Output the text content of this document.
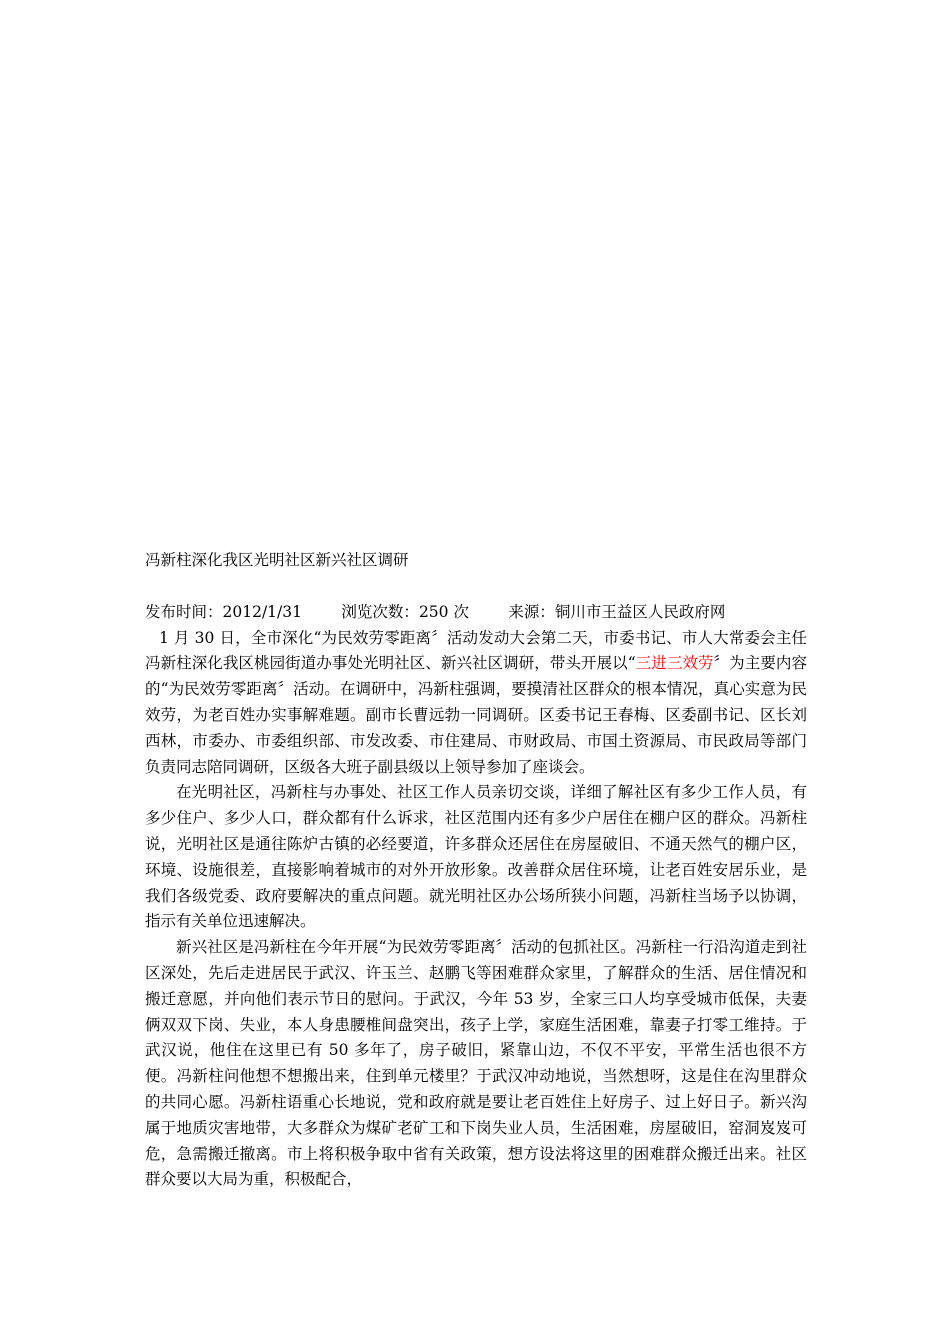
冯新柱深化我区光明社区新兴社区调研

发布时间：2012/1/31	浏览次数：250 次	来源：铜川市王益区人民政府网

1 月 30 日，全市深化“为民效劳零距离〞活动发动大会第二天，市委书记、市人大常委会主任冯新柱深化我区桃园街道办事处光明社区、新兴社区调研，带头开展以“三进三效劳〞为主要内容的“为民效劳零距离〞活动。在调研中，冯新柱强调，要摸清社区群众的根本情况，真心实意为民效劳，为老百姓办实事解难题。副市长曹远勃一同调研。区委书记王春梅、区委副书记、区长刘西林，市委办、市委组织部、市发改委、市住建局、市财政局、市国土资源局、市民政局等部门负责同志陪同调研，区级各大班子副县级以上领导参加了座谈会。

在光明社区，冯新柱与办事处、社区工作人员亲切交谈，详细了解社区有多少工作人员，有多少住户、多少人口，群众都有什么诉求，社区范围内还有多少户居住在棚户区的群众。冯新柱说，光明社区是通往陈炉古镇的必经要道，许多群众还居住在房屋破旧、不通天然气的棚户区，环境、设施很差，直接影响着城市的对外开放形象。改善群众居住环境，让老百姓安居乐业，是我们各级党委、政府要解决的重点问题。就光明社区办公场所狭小问题，冯新柱当场予以协调，指示有关单位迅速解决。

新兴社区是冯新柱在今年开展“为民效劳零距离〞活动的包抓社区。冯新柱一行沿沟道走到社区深处，先后走进居民于武汉、许玉兰、赵鹏飞等困难群众家里，了解群众的生活、居住情况和搬迁意愿，并向他们表示节日的慰问。于武汉，今年 53 岁，全家三口人均享受城市低保，夫妻俩双双下岗、失业，本人身患腰椎间盘突出，孩子上学，家庭生活困难，靠妻子打零工维持。于武汉说，他住在这里已有 50 多年了，房子破旧，紧靠山边，不仅不平安，平常生活也很不方便。冯新柱问他想不想搬出来，住到单元楼里？于武汉冲动地说，当然想呀，这是住在沟里群众的共同心愿。冯新柱语重心长地说，党和政府就是要让老百姓住上好房子、过上好日子。新兴沟属于地质灾害地带，大多群众为煤矿老矿工和下岗失业人员，生活困难，房屋破旧，窑洞岌岌可危，急需搬迁撤离。市上将积极争取中省有关政策，想方设法将这里的困难群众搬迁出来。社区群众要以大局为重，积极配合，
